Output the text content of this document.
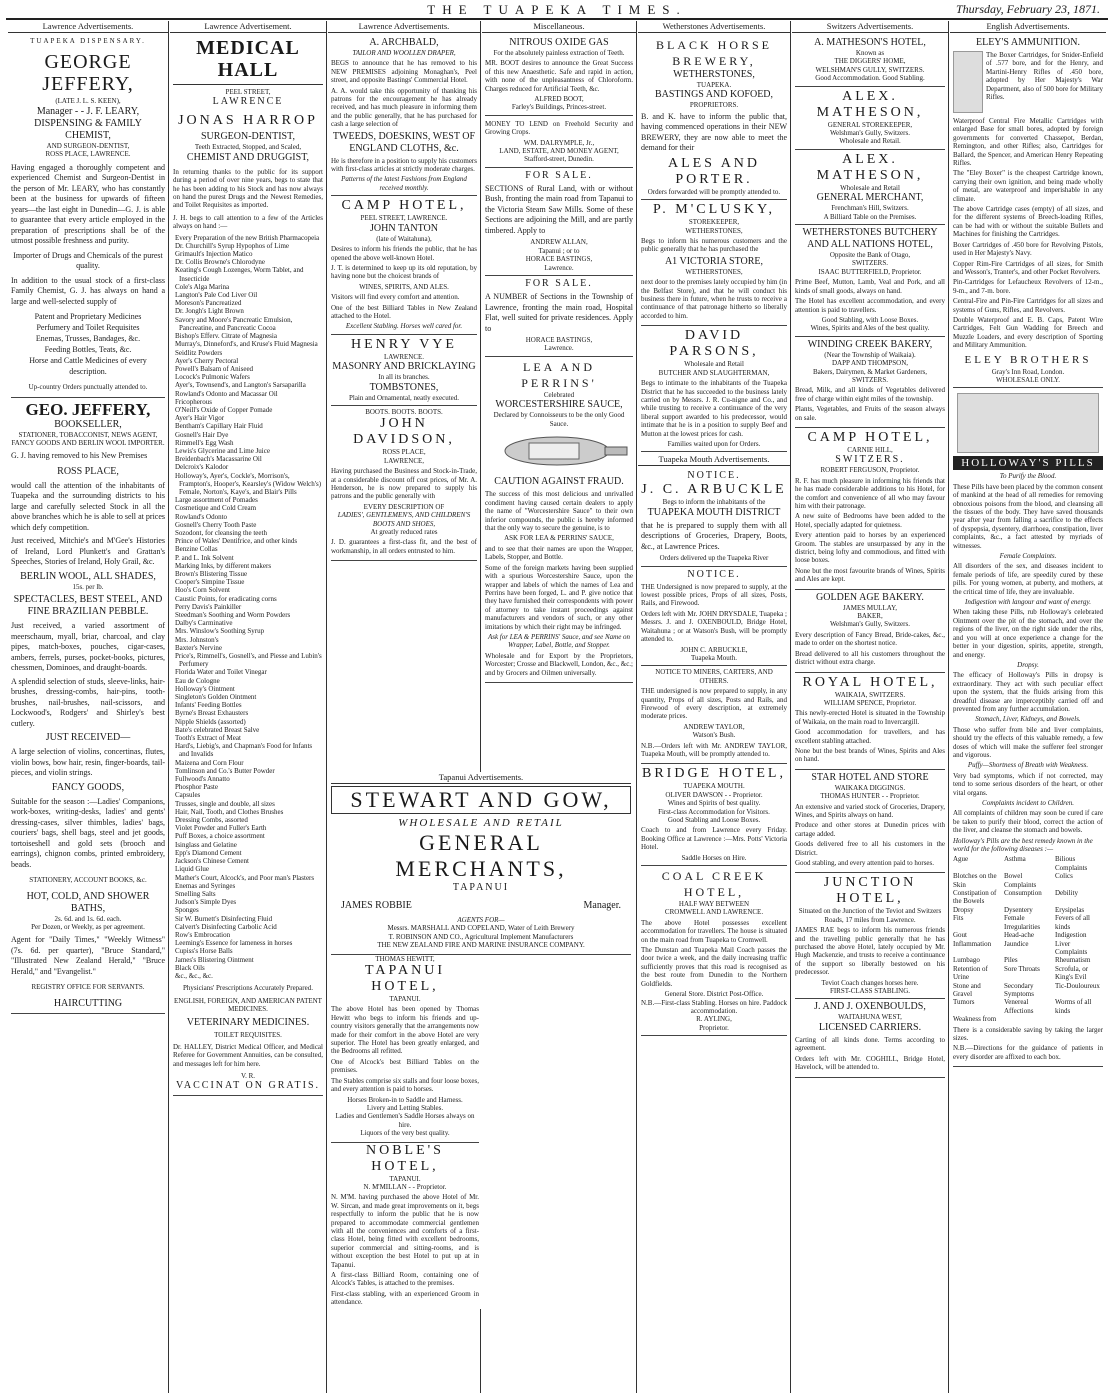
THE TUAPEKA TIMES.	Thursday, February 23, 1871.
Lawrence Advertisements.
TUAPEKA DISPENSARY.
GEORGE JEFFERY,
(LATE J. L. S. KEEN),
Manager - - J. F. LEARY,
DISPENSING & FAMILY CHEMIST,
AND SURGEON-DENTIST,
ROSS PLACE, LAWRENCE.

Having engaged a thoroughly competent and experienced Chemist and Surgeon-Dentist in the person of Mr. LEARY, who has constantly been at the business for upwards of fifteen years—the last eight in Dunedin—G. J. is able to guarantee that every article employed in the preparation of prescriptions shall be of the utmost possible freshness and purity.

Importer of Drugs and Chemicals of the purest quality.

In addition to the usual stock of a first-class Family Chemist, G. J. has always on hand a large and well-selected supply of

Patent and Proprietary Medicines
Perfumery and Toilet Requisites
Enemas, Trusses, Bandages, &c.
Feeding Bottles, Teats, &c.
Horse and Cattle Medicines of every description.

Up-country Orders punctually attended to.

GEO. JEFFERY,
BOOKSELLER,
STATIONER, TOBACCONIST, NEWS AGENT, FANCY GOODS AND BERLIN WOOL IMPORTER.

G. J. having removed to his New Premises

ROSS PLACE,

would call the attention of the inhabitants of Tuapeka and the surrounding districts to his large and carefully selected Stock in all the above branches which he is able to sell at prices which defy competition.

Just received, Mitchie's and M'Gee's Histories of Ireland, Lord Plunkett's and Grattan's Speeches, Stories of Ireland, Holy Grail, &c.

BERLIN WOOL, ALL SHADES,
15s. per lb.
SPECTACLES, BEST STEEL, AND FINE BRAZILIAN PEBBLE.

Just received, a varied assortment of meerschaum, myall, briar, charcoal, and clay pipes, match-boxes, pouches, cigar-cases, ambers, ferrels, purses, pocket-books, pictures, chessmen, Dominoes, and draught-boards.

A splendid selection of studs, sleeve-links, hair-brushes, dressing-combs, hair-pins, tooth-brushes, nail-brushes, nail-scissors, and Lockwood's, Rodgers' and Shirley's best cutlery.

JUST RECEIVED—

A large selection of violins, concertinas, flutes, violin bows, bow hair, resin, finger-boards, tail-pieces, and violin strings.

FANCY GOODS,

Suitable for the season :—Ladies' Companions, work-boxes, writing-desks, ladies' and gents' dressing-cases, silver thimbles, ladies' bags, couriers' bags, shell bags, steel and jet goods, tortoiseshell and gold sets (brooch and earrings), chignon combs, printed embroidery, beads.

STATIONERY, ACCOUNT BOOKS, &c.
HOT, COLD, AND SHOWER BATHS,
2s. 6d. and 1s. 6d. each.
Per Dozen, or Weekly, as per agreement.

Agent for "Daily Times," "Weekly Witness" (7s. 6d. per quarter), "Bruce Standard," "Illustrated New Zealand Herald," "Bruce Herald," and "Evangelist."

REGISTRY OFFICE FOR SERVANTS.
HAIRCUTTING
Lawrence Advertisement.
MEDICAL HALL
PEEL STREET,
LAWRENCE
JONAS HARROP
SURGEON-DENTIST,
Teeth Extracted, Stopped, and Scaled,
CHEMIST AND DRUGGIST,

In returning thanks to the public for its support during a period of over nine years, begs to state that he has been adding to his Stock and has now always on hand the purest Drugs and the Newest Remedies, and Toilet Requisites as imported.

J. H. begs to call attention to a few of the Articles always on hand :—

Every Preparation of the new British Pharmacopeia
Dr. Churchill's Syrup Hypophos of Lime
Grimault's Injection Matico
Dr. Collis Browne's Chlorodyne
Keating's Cough Lozenges, Worm Tablet, and Insecticide
Cole's Alga Marina
Langton's Pale Cod Liver Oil
Moreson's Pancreatized
Dr. Jongh's Light Brown
Savory and Moore's Pancreatic Emulsion, Pancreatine, and Pancreatic Cocoa
Bishop's Efferv. Citrate of Magnesia
Murray's, Dinneford's, and Kruse's Fluid Magnesia
Seidlitz Powders
Ayer's Cherry Pectoral
Powell's Balsam of Aniseed
Locock's Pulmonic Wafers
Ayer's, Townsend's, and Langton's Sarsaparilla
Rowland's Odonto and Macassar Oil
Fricopherous
O'Neill's Oxide of Copper Pomade
Ayer's Hair Vigor
Bentham's Capillary Hair Fluid
Gosnell's Hair Dye
Rimmell's Egg Wash
Lewis's Glycerine and Lime Juice
Breidenbach's Macassarine Oil
Delcroix's Kalodor
Holloway's, Ayer's, Cockle's, Morrison's, Frampton's, Hooper's, Kearsley's (Widow Welch's) Female, Norton's, Kaye's, and Blair's Pills
Large assortment of Pomades
Cosmetique and Cold Cream
Rowland's Odonto
Gosnell's Cherry Tooth Paste
Sozodont, for cleansing the teeth
Prince of Wales' Dentifrice, and other kinds
Benzine Collas
P. and L. Ink Solvent
Marking Inks, by different makers
Brown's Blistering Tissue
Cooper's Simpine Tissue
Hoo's Corn Solvent
Caustic Points, for eradicating corns
Perry Davis's Painkiller
Steedman's Soothing and Worm Powders
Dalby's Carminative
Mrs. Winslow's Soothing Syrup
Mrs. Johnston's
Baxter's Nervine
Price's, Rimmell's, Gosnell's, and Piesse and Lubin's Perfumery
Florida Water and Toilet Vinegar
Eau de Cologne
Holloway's Ointment
Singleton's Golden Ointment
Infants' Feeding Bottles
Byrne's Breast Exhausters
Nipple Shields (assorted)
Bate's celebrated Breast Salve
Tooth's Extract of Meat
Hard's, Liebig's, and Chapman's Food for Infants and Invalids
Maizena and Corn Flour
Tomlinson and Co.'s Butter Powder
Fullwood's Annatto
Phosphor Paste
Capsules
Trusses, single and double, all sizes
Hair, Nail, Tooth, and Clothes Brushes
Dressing Combs, assorted
Violet Powder and Fuller's Earth
Puff Boxes, a choice assortment
Isinglass and Gelatine
Epp's Diamond Cement
Jackson's Chinese Cement
Liquid Glue
Mather's Court, Alcock's, and Poor man's Plasters
Enemas and Syringes
Smelling Salts
Judson's Simple Dyes
Sponges
Sir W. Burnett's Disinfecting Fluid
Calvert's Disinfecting Carbolic Acid
Row's Embrocation
Leeming's Essence for lameness in horses
Cupiss's Horse Balls
James's Blistering Ointment
Black Oils
&c., &c., &c.
Physicians' Prescriptions Accurately Prepared.
ENGLISH, FOREIGN, AND AMERICAN PATENT MEDICINES.
VETERINARY MEDICINES.
TOILET REQUISITES.

Dr. HALLEY, District Medical Officer, and Medical Referee for Government Annuities, can be consulted, and messages left for him here.

V. R.
VACCINAT ON GRATIS.
Lawrence Advertisements.
A. ARCHBALD,
TAILOR AND WOOLLEN DRAPER,

BEGS to announce that he has removed to his NEW PREMISES adjoining Monaghan's, Peel street, and opposite Bastings' Commercial Hotel.

A. A. would take this opportunity of thanking his patrons for the encouragement he has already received, and has much pleasure in informing them and the public generally, that he has purchased for cash a large selection of

TWEEDS, DOESKINS, WEST OF ENGLAND CLOTHS, &c.

He is therefore in a position to supply his customers with first-class articles at strictly moderate charges.

Patterns of the latest Fashions from England received monthly.
CAMP HOTEL,
PEEL STREET, LAWRENCE.
JOHN TANTON
(late of Waitahuna),

Desires to inform his friends the public, that he has opened the above well-known Hotel.

J. T. is determined to keep up its old reputation, by having none but the choicest brands of

WINES, SPIRITS, AND ALES.

Visitors will find every comfort and attention.

One of the best Billiard Tables in New Zealand attached to the Hotel.

Excellent Stabling. Horses well cared for.
HENRY VYE
LAWRENCE.
MASONRY AND BRICKLAYING
In all its branches.
TOMBSTONES,
Plain and Ornamental, neatly executed.
BOOTS. BOOTS. BOOTS.
JOHN DAVIDSON,
ROSS PLACE,
LAWRENCE,

Having purchased the Business and Stock-in-Trade, at a considerable discount off cost prices, of Mr. A. Henderson, he is now prepared to supply his patrons and the public generally with

EVERY DESCRIPTION OF
LADIES', GENTLEMEN'S, AND CHILDREN'S BOOTS AND SHOES,
At greatly reduced rates

J. D. guarantees a first-class fit, and the best of workmanship, in all orders entrusted to him.

Tapanui Advertisements.
STEWART AND GOW,
WHOLESALE AND RETAIL
GENERAL MERCHANTS,
TAPANUI
JAMES ROBBIE	Manager.
AGENTS FOR—
Messrs. MARSHALL AND COPELAND, Water of Leith Brewery
T. ROBINSON AND CO., Agricultural Implement Manufacturers
THE NEW ZEALAND FIRE AND MARINE INSURANCE COMPANY.
THOMAS HEWITT,
TAPANUI HOTEL,
TAPANUI.

The above Hotel has been opened by Thomas Hewitt who begs to inform his friends and up-country visitors generally that the arrangements now made for their comfort in the above Hotel are very superior. The Hotel has been greatly enlarged, and the Bedrooms all refitted.

One of Alcock's best Billiard Tables on the premises.

The Stables comprise six stalls and four loose boxes, and every attention is paid to horses.

Horses Broken-in to Saddle and Harness.
Livery and Letting Stables.
Ladies and Gentlemen's Saddle Horses always on hire.
Liquors of the very best quality.
NOBLE'S HOTEL,
TAPANUI.
N. M'MILLAN - - Proprietor.

N. M'M. having purchased the above Hotel of Mr. W. Sircan, and made great improvements on it, begs respectfully to inform the public that he is now prepared to accommodate commercial gentlemen with all the conveniences and comforts of a first-class Hotel, being fitted with excellent bedrooms, superior commercial and sitting-rooms, and is without exception the best Hotel to put up at in Tapanui.

A first-class Billiard Room, containing one of Alcock's Tables, is attached to the premises.

First-class stabling, with an experienced Groom in attendance.

Miscellaneous.
NITROUS OXIDE GAS
For the absolutely painless extraction of Teeth.

MR. BOOT desires to announce the Great Success of this new Anaesthetic. Safe and rapid in action, with none of the unpleasantness of Chloroform. Charges reduced for Artificial Teeth, &c.

ALFRED BOOT,
Farley's Buildings, Princes-street.

MONEY TO LEND on Freehold Security and Growing Crops.

WM. DALRYMPLE, Jr.,
LAND, ESTATE, AND MONEY AGENT,
Stafford-street, Dunedin.
FOR SALE.

SECTIONS of Rural Land, with or without Bush, fronting the main road from Tapanui to the Victoria Steam Saw Mills. Some of these Sections are adjoining the Mill, and are partly timbered. Apply to

ANDREW ALLAN,
Tapanui ; or to
HORACE BASTINGS,
Lawrence.
FOR SALE.

A NUMBER of Sections in the Township of Lawrence, fronting the main road, Hospital Flat, well suited for private residences. Apply to

HORACE BASTINGS,
Lawrence.
LEA AND PERRINS'
Celebrated
WORCESTERSHIRE SAUCE,
Declared by Connoisseurs to be the only Good Sauce.
CAUTION AGAINST FRAUD.

The success of this most delicious and unrivalled condiment having caused certain dealers to apply the name of "Worcestershire Sauce" to their own inferior compounds, the public is hereby informed that the only way to secure the genuine, is to

ASK FOR LEA & PERRINS' SAUCE,

and to see that their names are upon the Wrapper, Labels, Stopper, and Bottle.

Some of the foreign markets having been supplied with a spurious Worcestershire Sauce, upon the wrapper and labels of which the names of Lea and Perrins have been forged, L. and P. give notice that they have furnished their correspondents with power of attorney to take instant proceedings against manufacturers and vendors of such, or any other imitations by which their right may be infringed.

Ask for LEA & PERRINS' Sauce, and see Name on Wrapper, Label, Bottle, and Stopper.

Wholesale and for Export by the Proprietors, Worcester; Crosse and Blackwell, London, &c., &c.; and by Grocers and Oilmen universally.

Wetherstones Advertisements.
BLACK HORSE BREWERY,
WETHERSTONES,
TUAPEKA.
BASTINGS AND KOFOED,
PROPRIETORS.

B. and K. have to inform the public that, having commenced operations in their NEW BREWERY, they are now able to meet the demand for their

ALES AND PORTER.
Orders forwarded will be promptly attended to.
P. M'CLUSKY,
STOREKEEPER,
WETHERSTONES,

Begs to inform his numerous customers and the public generally that he has purchased the

A1 VICTORIA STORE,
WETHERSTONES,

next door to the premises lately occupied by him (in the Belfast Store), and that he will conduct his business there in future, when he trusts to receive a continuance of that patronage hitherto so liberally accorded to him.

DAVID PARSONS,
Wholesale and Retail
BUTCHER AND SLAUGHTERMAN,

Begs to intimate to the inhabitants of the Tuapeka District that he has succeeded to the business lately carried on by Messrs. J. R. Cu-nigne and Co., and while trusting to receive a continuance of the very liberal support awarded to his predecessor, would intimate that he is in a position to supply Beef and Mutton at the lowest prices for cash.

Families waited upon for Orders.
Tuapeka Mouth Advertisements.
NOTICE.
J. C. ARBUCKLE
Begs to inform the inhabitants of the
TUAPEKA MOUTH DISTRICT

that he is prepared to supply them with all descriptions of Groceries, Drapery, Boots, &c., at Lawrence Prices.

Orders delivered up the Tuapeka River
NOTICE.

THE Undersigned is now prepared to supply, at the lowest possible prices, Props of all sizes, Posts, Rails, and Firewood.

Orders left with Mr. JOHN DRYSDALE, Tuapeka ; Messrs. J. and J. OXENBOULD, Bridge Hotel, Waitahuna ; or at Watson's Bush, will be promptly attended to.

JOHN C. ARBUCKLE,
Tuapeka Mouth.
NOTICE TO MINERS, CARTERS, AND OTHERS.

THE undersigned is now prepared to supply, in any quantity, Props of all sizes, Posts and Rails, and Firewood of every description, at extremely moderate prices.

ANDREW TAYLOR,
Watson's Bush.

N.B.—Orders left with Mr. ANDREW TAYLOR, Tuapeka Mouth, will be promptly attended to.

BRIDGE HOTEL,
TUAPEKA MOUTH.
OLIVER DAWSON - - Proprietor.
Wines and Spirits of best quality.
First-class Accommodation for Visitors.
Good Stabling and Loose Boxes.

Coach to and from Lawrence every Friday. Booking Office at Lawrence :—Mrs. Potts' Victoria Hotel.

Saddle Horses on Hire.
COAL CREEK HOTEL,
HALF WAY BETWEEN
CROMWELL AND LAWRENCE.

The above Hotel possesses excellent accommodation for travellers. The house is situated on the main road from Tuapeka to Cromwell.

The Dunstan and Tuapeka Mail Coach passes the door twice a week, and the daily increasing traffic sufficiently proves that this road is recognised as the best route from Dunedin to the Northern Goldfields.

General Store. District Post-Office.
N.B.—First-class Stabling. Horses on hire. Paddock accommodation.
R. AYLING,
Proprietor.
Switzers Advertisements.
A. MATHESON'S HOTEL,
Known as
THE DIGGERS' HOME,
WELSHMAN'S GULLY, SWITZERS.
Good Accommodation. Good Stabling.
ALEX. MATHESON,
GENERAL STOREKEEPER,
Welshman's Gully, Switzers.
Wholesale and Retail.
ALEX. MATHESON,
Wholesale and Retail
GENERAL MERCHANT,
Frenchman's Hill, Switzers.
A Billiard Table on the Premises.
WETHERSTONES BUTCHERY AND ALL NATIONS HOTEL,
Opposite the Bank of Otago,
SWITZERS.
ISAAC BUTTERFIELD, Proprietor.

Prime Beef, Mutton, Lamb, Veal and Pork, and all kinds of small goods, always on hand.

The Hotel has excellent accommodation, and every attention is paid to travellers.

Good Stabling, with Loose Boxes.
Wines, Spirits and Ales of the best quality.
WINDING CREEK BAKERY,
(Near the Township of Waikaia).
DAPP AND THOMPSON,
Bakers, Dairymen, & Market Gardeners,
SWITZERS.

Bread, Milk, and all kinds of Vegetables delivered free of charge within eight miles of the township.

Plants, Vegetables, and Fruits of the season always on sale.

CAMP HOTEL,
CARNIE HILL,
SWITZERS.
ROBERT FERGUSON, Proprietor.

R. F. has much pleasure in informing his friends that he has made considerable additions to his Hotel, for the comfort and convenience of all who may favour him with their patronage.

A new suite of Bedrooms have been added to the Hotel, specially adapted for quietness.

Every attention paid to horses by an experienced Groom. The stables are unsurpassed by any in the district, being lofty and commodious, and fitted with loose boxes.

None but the most favourite brands of Wines, Spirits and Ales are kept.

GOLDEN AGE BAKERY.
JAMES MULLAY,
BAKER,
Welshman's Gully, Switzers.

Every description of Fancy Bread, Bride-cakes, &c., made to order on the shortest notice.

Bread delivered to all his customers throughout the district without extra charge.

ROYAL HOTEL,
WAIKAIA, SWITZERS.
WILLIAM SPENCE, Proprietor.

This newly-erected Hotel is situated in the Township of Waikaia, on the main road to Invercargill.

Good accommodation for travellers, and has excellent stabling attached.

None but the best brands of Wines, Spirits and Ales on hand.

STAR HOTEL AND STORE
WAIKAKA DIGGINGS.
THOMAS HUNTER - - Proprietor.

An extensive and varied stock of Groceries, Drapery, Wines, and Spirits always on hand.

Produce and other stores at Dunedin prices with cartage added.

Goods delivered free to all his customers in the District.

Good stabling, and every attention paid to horses.

JUNCTION HOTEL,
Situated on the Junction of the Teviot and Switzers Roads, 17 miles from Lawrence.

JAMES RAE begs to inform his numerous friends and the travelling public generally that he has purchased the above Hotel, lately occupied by Mr. Hugh Mackenzie, and trusts to receive a continuance of the support so liberally bestowed on his predecessor.

Teviot Coach changes horses here.
FIRST-CLASS STABLING.
J. AND J. OXENBOULDS,
WAITAHUNA WEST,
LICENSED CARRIERS.

Carting of all kinds done. Terms according to agreement.

Orders left with Mr. COGHILL, Bridge Hotel, Havelock, will be attended to.

English Advertisements.
ELEY'S AMMUNITION.

The Boxer Cartridges, for Snider-Enfield of .577 bore, and for the Henry, and Martini-Henry Rifles of .450 bore, adopted by Her Majesty's War Department, also of 500 bore for Military Rifles.

Waterproof Central Fire Metallic Cartridges with enlarged Base for small bores, adopted by foreign governments for converted Chassepot, Berdan, Remington, and other Rifles; also, Cartridges for Ballard, the Spencer, and American Henry Repeating Rifles.

The "Eley Boxer" is the cheapest Cartridge known, carrying their own ignition, and being made wholly of metal, are waterproof and imperishable in any climate.

The above Cartridge cases (empty) of all sizes, and for the different systems of Breech-loading Rifles, can be had with or without the suitable Bullets and Machines for finishing the Cartridges.

Boxer Cartridges of .450 bore for Revolving Pistols, used in Her Majesty's Navy.

Copper Rim-Fire Cartridges of all sizes, for Smith and Wesson's, Tranter's, and other Pocket Revolvers.

Pin-Cartridges for Lefaucheux Revolvers of 12-m., 9-m., and 7-m. bore.

Central-Fire and Pin-Fire Cartridges for all sizes and systems of Guns, Rifles, and Revolvers.

Double Waterproof and E. B. Caps, Patent Wire Cartridges, Felt Gun Wadding for Breech and Muzzle Loaders, and every description of Sporting and Military Ammunition.

ELEY BROTHERS
Gray's Inn Road, London.
WHOLESALE ONLY.
HOLLOWAY'S PILLS
To Purify the Blood.

These Pills have been placed by the common consent of mankind at the head of all remedies for removing obnoxious poisons from the blood, and cleansing all the tissues of the body. They have saved thousands year after year from falling a sacrifice to the effects of dyspepsia, dysentery, diarrhoea, constipation, liver complaints, &c., a fact attested by myriads of witnesses.

Female Complaints.

All disorders of the sex, and diseases incident to female periods of life, are speedily cured by these pills. For young women, at puberty, and mothers, at the critical time of life, they are invaluable.

Indigestion with langour and want of energy.

When taking these Pills, rub Holloway's celebrated Ointment over the pit of the stomach, and over the regions of the liver, on the right side under the ribs, and you will at once experience a change for the better in your digestion, spirits, appetite, strength, and energy.

Dropsy.

The efficacy of Holloway's Pills in dropsy is extraordinary. They act with such peculiar effect upon the system, that the fluids arising from this dreadful disease are imperceptibly carried off and prevented from any further accumulation.

Stomach, Liver, Kidneys, and Bowels.

Those who suffer from bile and liver complaints, should try the effects of this valuable remedy, a few doses of which will make the sufferer feel stronger and vigorous.

Puffy—Shortness of Breath with Weakness.

Very bad symptoms, which if not corrected, may tend to some serious disorders of the heart, or other vital organs.

Complaints incident to Children.

All complaints of children may soon be cured if care be taken to purify their blood, correct the action of the liver, and cleanse the stomach and bowels.

Holloway's Pills are the best remedy known in the world for the following diseases :—

Ague	Asthma	Bilious Complaints
Blotches on the Skin
Bowel Complaints
Colics
Constipation of the Bowels
Consumption	Debility
Dropsy	Dysentery	Erysipelas
Fits	Female Irregularities
Fevers of all kinds
Gout	Head-ache	Indigestion
Inflammation	Jaundice	Liver Complaints
Lumbago	Piles	Rheumatism
Retention of Urine
Sore Throats	Scrofula, or King's Evil
Stone and Gravel
Secondary Symptoms
Tic-Douloureux
Tumors	Venereal Affections
Worms of all kinds
Weakness from

There is a considerable saving by taking the larger sizes.

N.B.—Directions for the guidance of patients in every disorder are affixed to each box.
